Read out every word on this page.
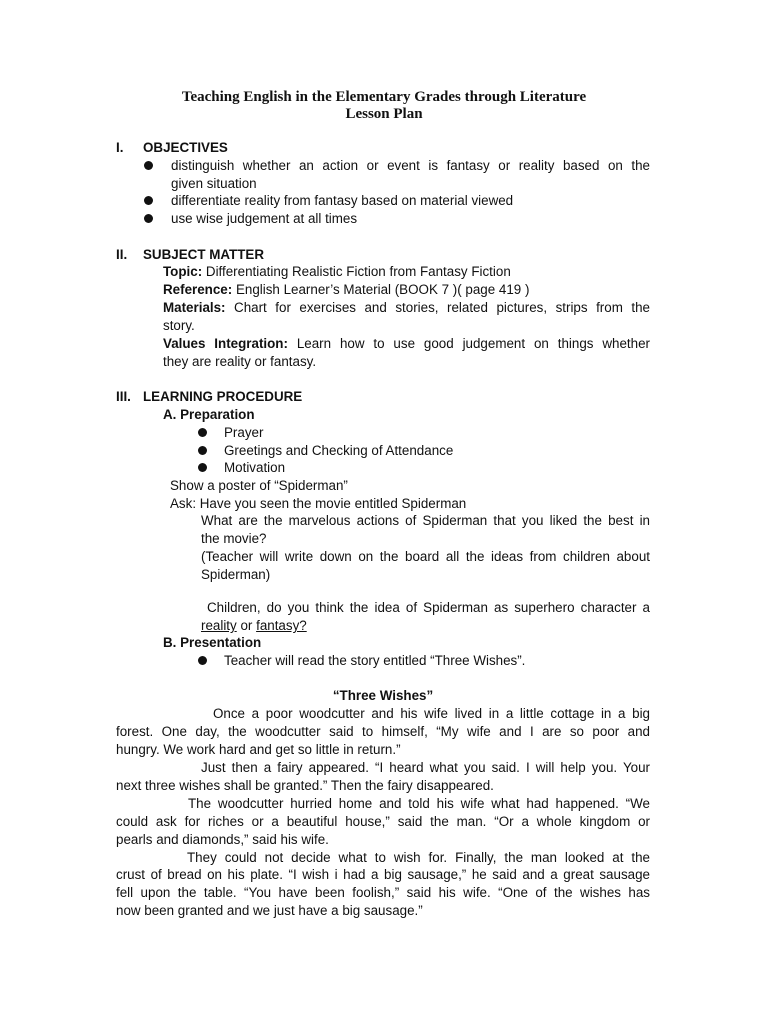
Teaching English in the Elementary Grades through Literature
Lesson Plan
I. OBJECTIVES
distinguish whether an action or event is fantasy or reality based on the
given situation
differentiate reality from fantasy based on material viewed
use wise judgement at all times
II. SUBJECT MATTER
Topic: Differentiating Realistic Fiction from Fantasy Fiction
Reference: English Learner’s Material (BOOK 7 )( page 419 )
Materials: Chart for exercises and stories, related pictures, strips from the
story.
Values Integration: Learn how to use good judgement on things whether
they are reality or fantasy.
III. LEARNING PROCEDURE
A. Preparation
Prayer
Greetings and Checking of Attendance
Motivation
Show a poster of “Spiderman”
Ask: Have you seen the movie entitled Spiderman
What are the marvelous actions of Spiderman that you liked the best in
the movie?
(Teacher will write down on the board all the ideas from children about
Spiderman)
Children, do you think the idea of Spiderman as superhero character a
reality or fantasy?
B. Presentation
Teacher will read the story entitled “Three Wishes”.
“Three Wishes”
Once a poor woodcutter and his wife lived in a little cottage in a big
forest. One day, the woodcutter said to himself, “My wife and I are so poor and
hungry. We work hard and get so little in return.”
Just then a fairy appeared. “I heard what you said. I will help you. Your
next three wishes shall be granted.” Then the fairy disappeared.
The woodcutter hurried home and told his wife what had happened. “We
could ask for riches or a beautiful house,” said the man. “Or a whole kingdom or
pearls and diamonds,” said his wife.
They could not decide what to wish for. Finally, the man looked at the
crust of bread on his plate. “I wish i had a big sausage,” he said and a great sausage
fell upon the table. “You have been foolish,” said his wife. “One of the wishes has
now been granted and we just have a big sausage.”
